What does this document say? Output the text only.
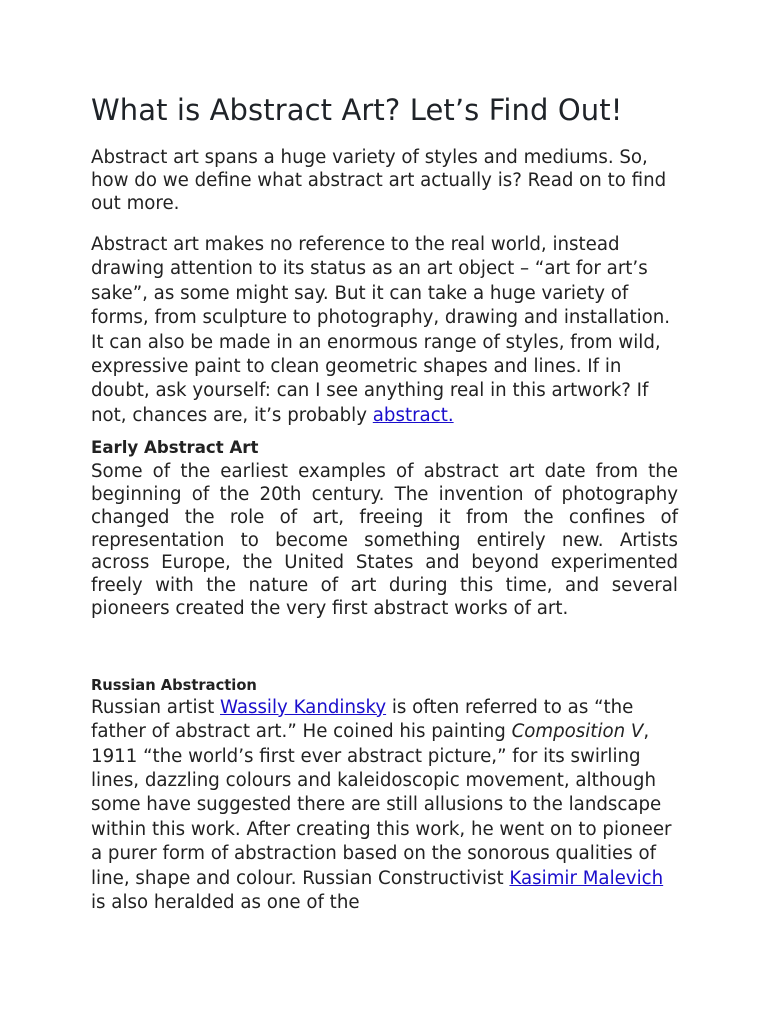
What is Abstract Art? Let’s Find Out!

Abstract art spans a huge variety of styles and mediums. So, how do we define what abstract art actually is? Read on to find out more.

Abstract art makes no reference to the real world, instead drawing attention to its status as an art object – “art for art’s sake”, as some might say. But it can take a huge variety of forms, from sculpture to photography, drawing and installation. It can also be made in an enormous range of styles, from wild, expressive paint to clean geometric shapes and lines. If in doubt, ask yourself: can I see anything real in this artwork? If not, chances are, it’s probably abstract.

Early Abstract Art

Some of the earliest examples of abstract art date from the beginning of the 20th century. The invention of photography changed the role of art, freeing it from the confines of representation to become something entirely new. Artists across Europe, the United States and beyond experimented freely with the nature of art during this time, and several pioneers created the very first abstract works of art.

Russian Abstraction

Russian artist Wassily Kandinsky is often referred to as “the father of abstract art.” He coined his painting Composition V, 1911 “the world’s first ever abstract picture,” for its swirling lines, dazzling colours and kaleidoscopic movement, although some have suggested there are still allusions to the landscape within this work. After creating this work, he went on to pioneer a purer form of abstraction based on the sonorous qualities of line, shape and colour. Russian Constructivist Kasimir Malevich is also heralded as one of the
